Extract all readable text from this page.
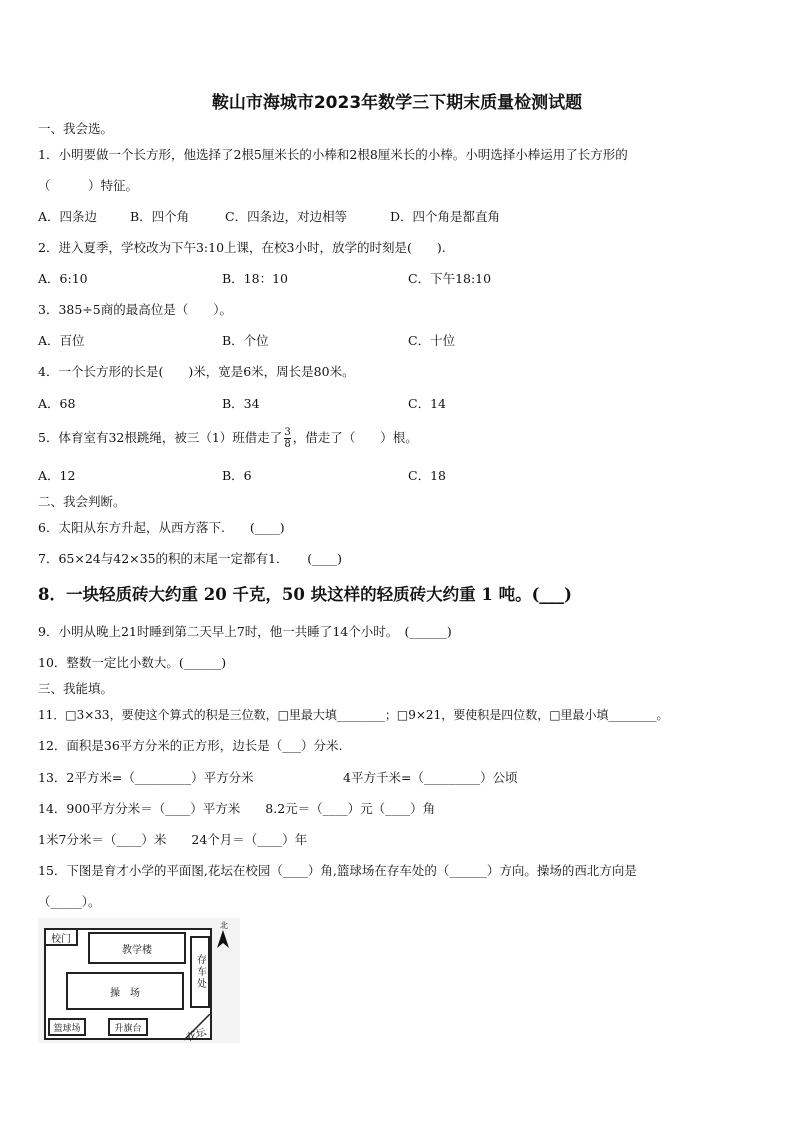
鞍山市海城市2023年数学三下期末质量检测试题
一、我会选。
1．小明要做一个长方形，他选择了2根5厘米长的小棒和2根8厘米长的小棒。小明选择小棒运用了长方形的
（　　　）特征。
A．四条边	B．四个角	C．四条边，对边相等	D．四个角是都直角
2．进入夏季，学校改为下午3:10上课，在校3小时，放学的时刻是(　　).
A．6:10	B．18：10	C．下午18:10
3．385÷5商的最高位是（　　）。
A．百位	B．个位	C．十位
4．一个长方形的长是(　　)米，宽是6米，周长是80米。
A．68	B．34	C．14
5．体育室有32根跳绳，被三（1）班借走了 $\frac{3}{8}$ ，借走了（　　）根。
A．12	B．6	C．18
二、我会判断。
6．太阳从东方升起，从西方落下.　　(____)
7．65×24与42×35的积的末尾一定都有1．　　(____)
8．一块轻质砖大约重 20 千克，50 块这样的轻质砖大约重 1 吨。(___)
9．小明从晚上21时睡到第二天早上7时，他一共睡了14个小时。　(______)
10．整数一定比小数大。(______)
三、我能填。
11．□3×33，要使这个算式的积是三位数，□里最大填________；□9×21，要使积是四位数，□里最小填________。
12．面积是36平方分米的正方形，边长是（___）分米.
13．2平方米=（_________）平方分米	4平方千米=（_________）公顷
14．900平方分米＝（____）平方米　　8.2元＝（____）元（____）角
1米7分米＝（____）米　　24个月＝（____）年
15．下图是育才小学的平面图,花坛在校园（____）角,篮球场在存车处的（______）方向。操场的西北方向是
（_____）。
校门
教学楼
存车处
操　场
篮球场	升旗台	花坛
北
